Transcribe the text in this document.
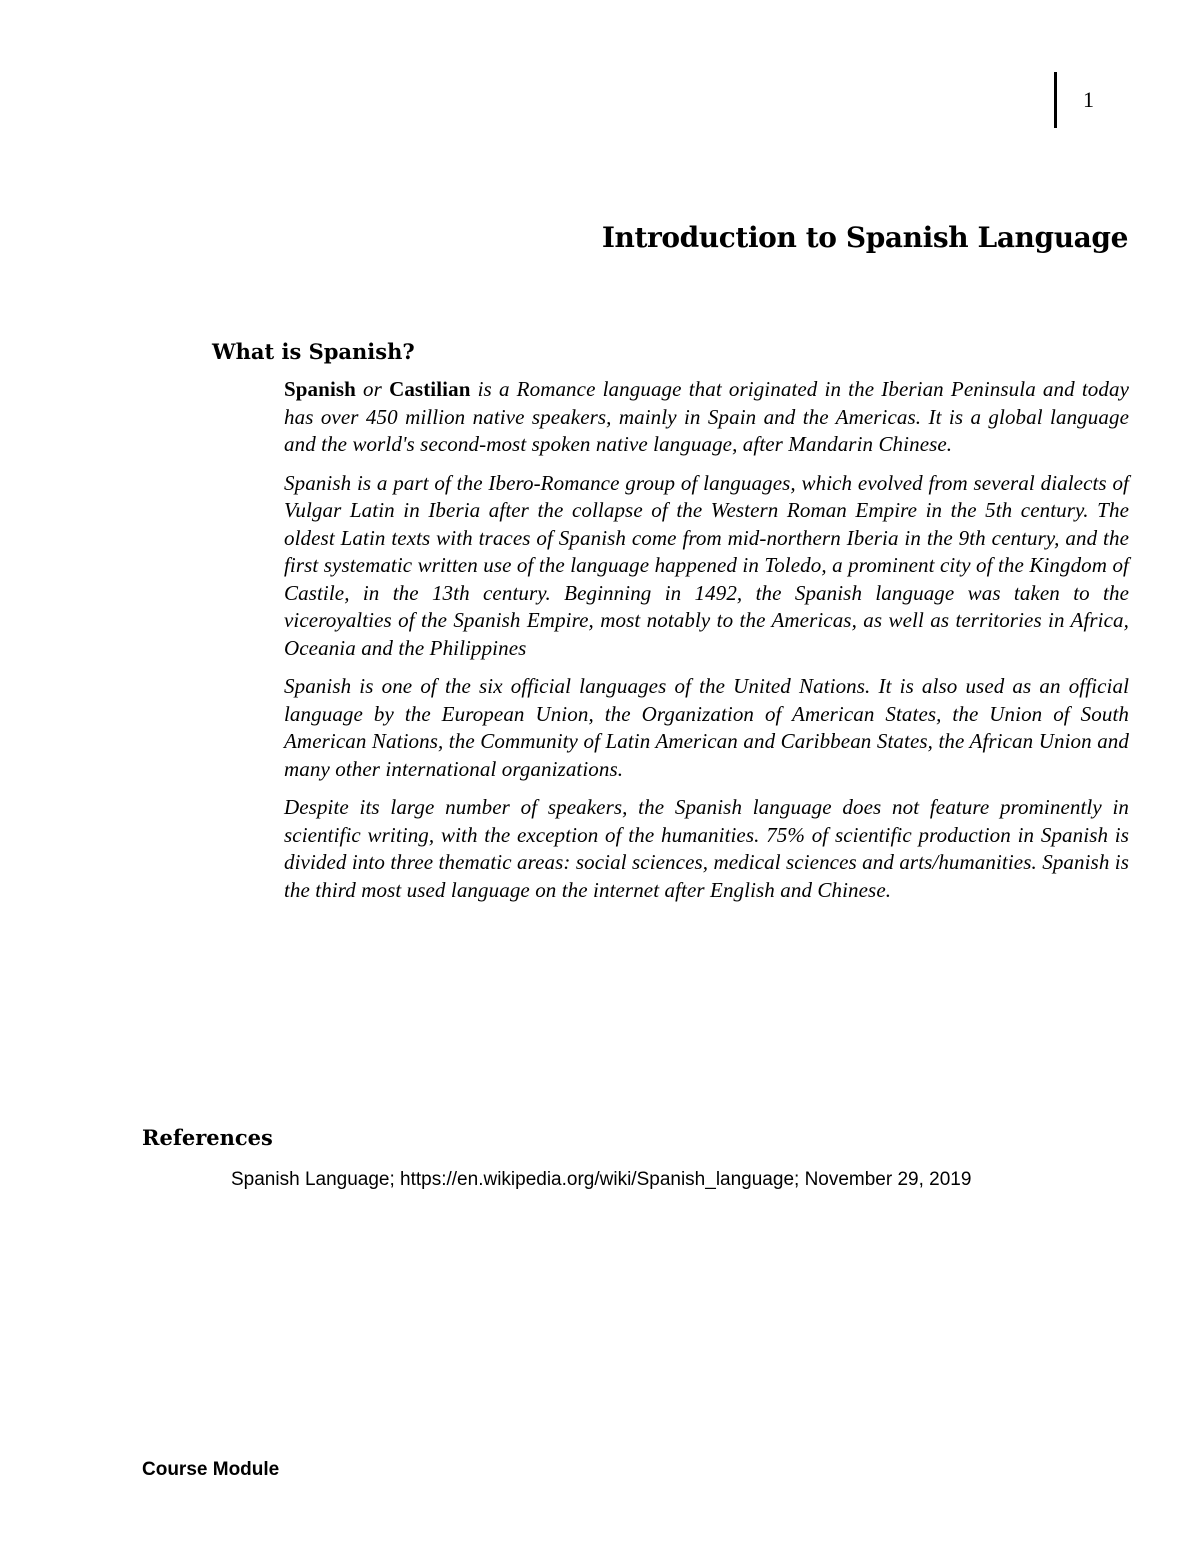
1
Introduction to Spanish Language
What is Spanish?

Spanish or Castilian is a Romance language that originated in the Iberian Peninsula and today has over 450 million native speakers, mainly in Spain and the Americas. It is a global language and the world's second-most spoken native language, after Mandarin Chinese.

Spanish is a part of the Ibero-Romance group of languages, which evolved from several dialects of Vulgar Latin in Iberia after the collapse of the Western Roman Empire in the 5th century. The oldest Latin texts with traces of Spanish come from mid-northern Iberia in the 9th century, and the first systematic written use of the language happened in Toledo, a prominent city of the Kingdom of Castile, in the 13th century. Beginning in 1492, the Spanish language was taken to the viceroyalties of the Spanish Empire, most notably to the Americas, as well as territories in Africa, Oceania and the Philippines

Spanish is one of the six official languages of the United Nations. It is also used as an official language by the European Union, the Organization of American States, the Union of South American Nations, the Community of Latin American and Caribbean States, the African Union and many other international organizations.

Despite its large number of speakers, the Spanish language does not feature prominently in scientific writing, with the exception of the humanities. 75% of scientific production in Spanish is divided into three thematic areas: social sciences, medical sciences and arts/humanities. Spanish is the third most used language on the internet after English and Chinese.

References

Spanish Language; https://en.wikipedia.org/wiki/Spanish_language; November 29, 2019

Course Module
